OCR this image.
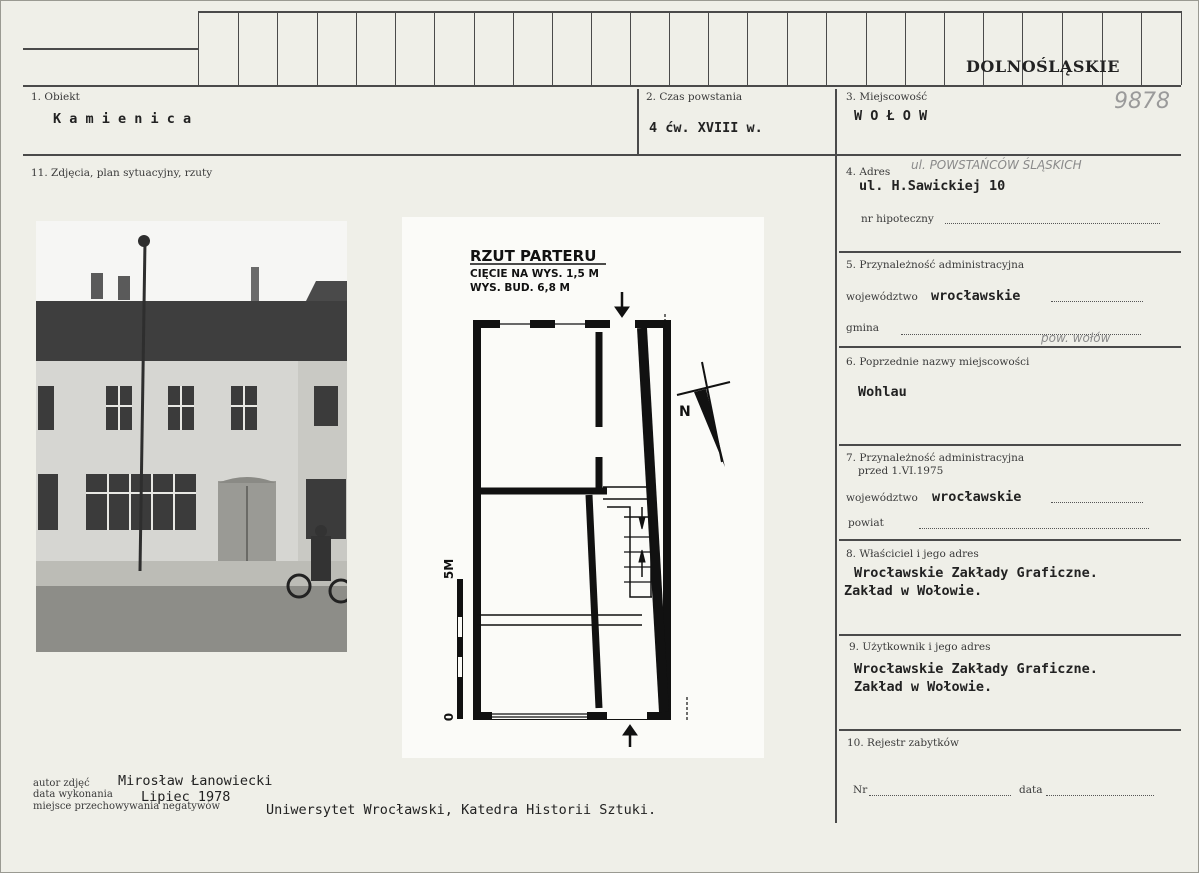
DOLNOŚLĄSKIE
1. Obiekt
K a m i e n i c a
2. Czas powstania
4 ćw. XVIII w.
3. Miejscowość
W O Ł O W
9878
11. Zdjęcia, plan sytuacyjny, rzuty
N
5M
0
RZUT PARTERU
CIĘCIE NA WYS. 1,5 M
WYS. BUD. 6,8 M
4. Adres ul. POWSTAŃCÓW ŚLĄSKICH
ul. H.Sawickiej 10
nr hipoteczny
5. Przynależność administracyjna
województwo wrocławskie
gmina
pow. wołów
6. Poprzednie nazwy miejscowości
Wohlau
7. Przynależność administracyjna
przed 1.VI.1975
województwo wrocławskie
powiat
8. Właściciel i jego adres
Wrocławskie Zakłady Graficzne.
Zakład w Wołowie.
9. Użytkownik i jego adres
Wrocławskie Zakłady Graficzne.
Zakład w Wołowie.
10. Rejestr zabytków
Nr	data
autor zdjęć Mirosław Łanowiecki
data wykonania Lipiec 1978
miejsce przechowywania negatywów	Uniwersytet Wrocławski, Katedra Historii Sztuki.
